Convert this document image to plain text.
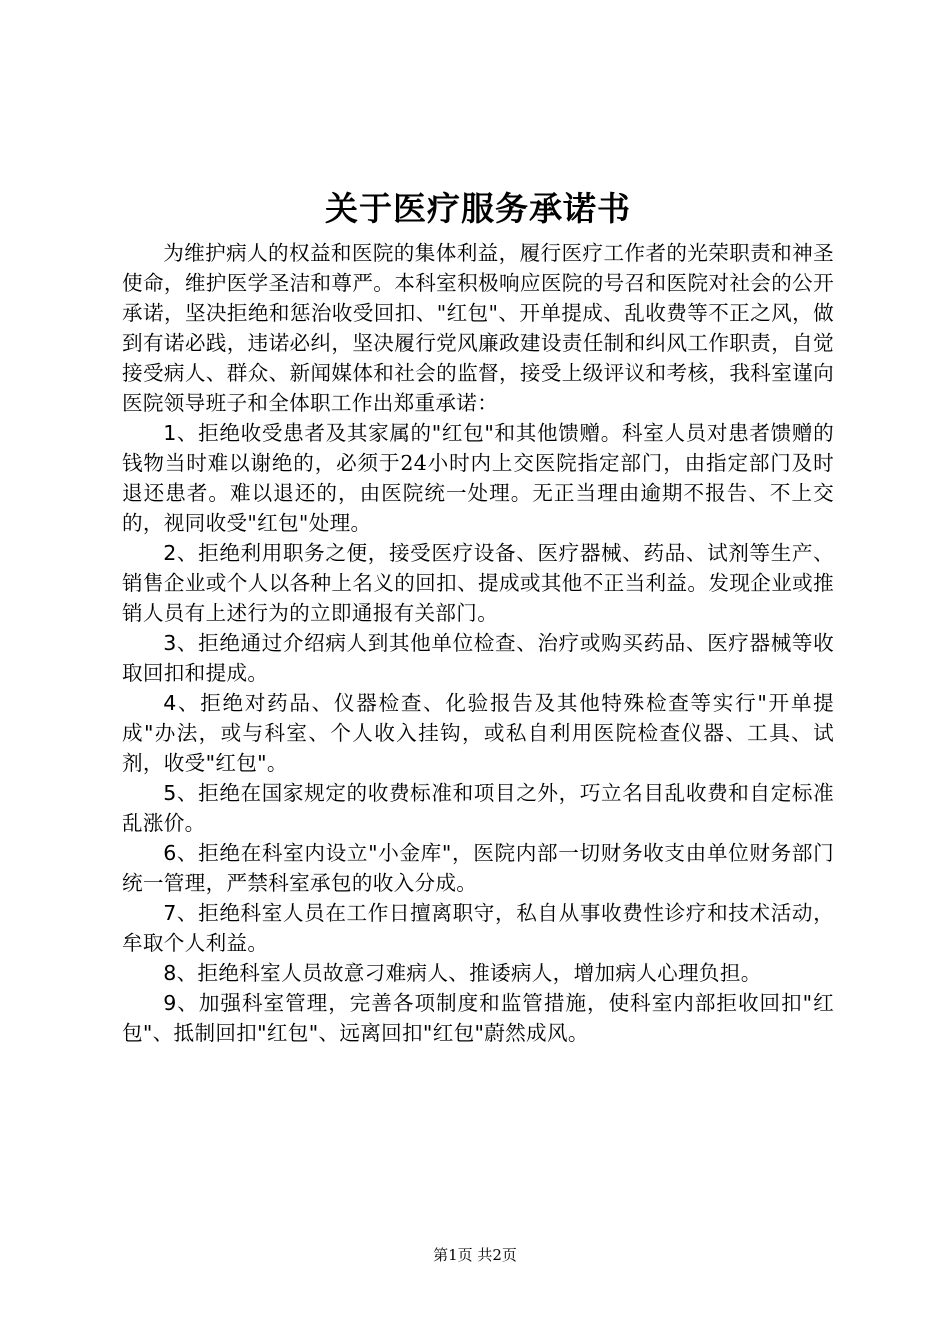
关于医疗服务承诺书

为维护病人的权益和医院的集体利益，履行医疗工作者的光荣职责和神圣使命，维护医学圣洁和尊严。本科室积极响应医院的号召和医院对社会的公开承诺，坚决拒绝和惩治收受回扣、"红包"、开单提成、乱收费等不正之风，做到有诺必践，违诺必纠，坚决履行党风廉政建设责任制和纠风工作职责，自觉接受病人、群众、新闻媒体和社会的监督，接受上级评议和考核，我科室谨向医院领导班子和全体职工作出郑重承诺：

1、拒绝收受患者及其家属的"红包"和其他馈赠。科室人员对患者馈赠的钱物当时难以谢绝的，必须于24小时内上交医院指定部门，由指定部门及时退还患者。难以退还的，由医院统一处理。无正当理由逾期不报告、不上交的，视同收受"红包"处理。

2、拒绝利用职务之便，接受医疗设备、医疗器械、药品、试剂等生产、销售企业或个人以各种上名义的回扣、提成或其他不正当利益。发现企业或推销人员有上述行为的立即通报有关部门。

3、拒绝通过介绍病人到其他单位检查、治疗或购买药品、医疗器械等收取回扣和提成。

4、拒绝对药品、仪器检查、化验报告及其他特殊检查等实行"开单提成"办法，或与科室、个人收入挂钩，或私自利用医院检查仪器、工具、试剂，收受"红包"。

5、拒绝在国家规定的收费标准和项目之外，巧立名目乱收费和自定标准乱涨价。

6、拒绝在科室内设立"小金库"，医院内部一切财务收支由单位财务部门统一管理，严禁科室承包的收入分成。

7、拒绝科室人员在工作日擅离职守，私自从事收费性诊疗和技术活动，牟取个人利益。

8、拒绝科室人员故意刁难病人、推诿病人，增加病人心理负担。

9、加强科室管理，完善各项制度和监管措施，使科室内部拒收回扣"红包"、抵制回扣"红包"、远离回扣"红包"蔚然成风。

第1页 共2页
